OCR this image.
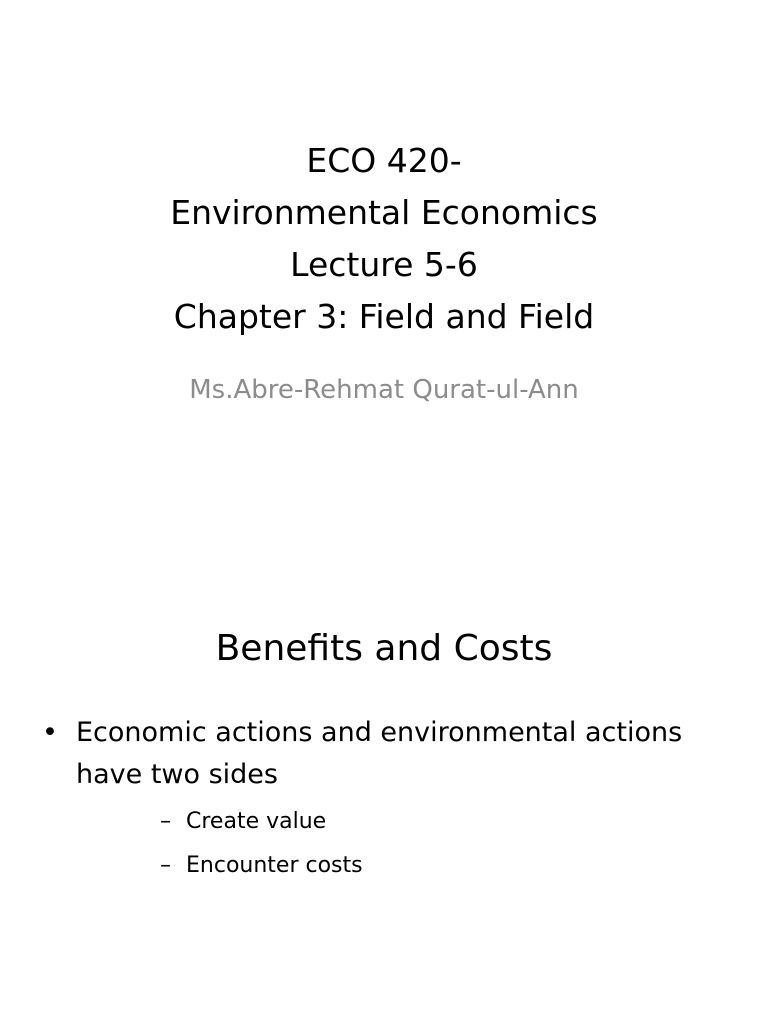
ECO 420-
Environmental Economics
Lecture 5-6
Chapter 3: Field and Field
Ms.Abre-Rehmat Qurat-ul-Ann
Benefits and Costs
• Economic actions and environmental actions have two sides
– Create value
– Encounter costs
